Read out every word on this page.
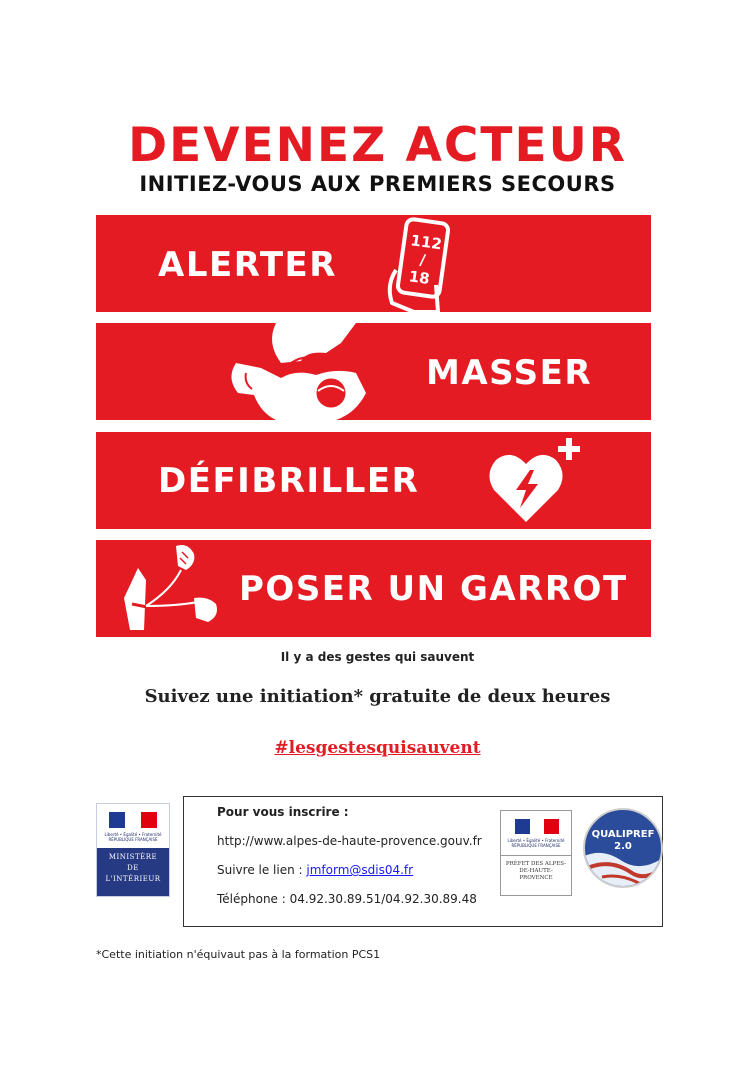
DEVENEZ ACTEUR
INITIEZ-VOUS AUX PREMIERS SECOURS
ALERTER
112
/
18
MASSER
DÉFIBRILLER
POSER UN GARROT
Il y a des gestes qui sauvent
Suivez une initiation* gratuite de deux heures
#lesgestesquisauvent
Liberté • Égalité • Fraternité RÉPUBLIQUE FRANÇAISE
MINISTÈRE
DE
L'INTÉRIEUR
Pour vous inscrire :
http://www.alpes-de-haute-provence.gouv.fr
Suivre le lien : jmform@sdis04.fr
Téléphone : 04.92.30.89.51/04.92.30.89.48
Liberté • Égalité • Fraternité RÉPUBLIQUE FRANÇAISE
PRÉFET DES ALPES-
DE-HAUTE-PROVENCE
QUALIPREF
2.0
*Cette initiation n'équivaut pas à la formation PCS1
